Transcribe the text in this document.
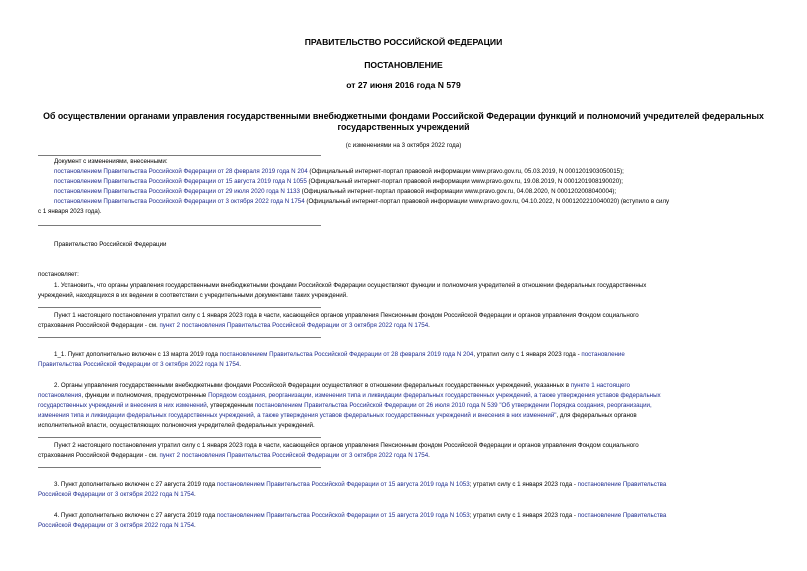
ПРАВИТЕЛЬСТВО РОССИЙСКОЙ ФЕДЕРАЦИИ
ПОСТАНОВЛЕНИЕ
от 27 июня 2016 года N 579
Об осуществлении органами управления государственными внебюджетными фондами Российской Федерации функций и полномочий учредителей федеральных
государственных учреждений
(с изменениями на 3 октября 2022 года)
Документ с изменениями, внесенными:
постановлением Правительства Российской Федерации от 28 февраля 2019 года N 204 (Официальный интернет-портал правовой информации www.pravo.gov.ru, 05.03.2019, N 0001201903050015);
постановлением Правительства Российской Федерации от 15 августа 2019 года N 1055 (Официальный интернет-портал правовой информации www.pravo.gov.ru, 19.08.2019, N 0001201908190020);
постановлением Правительства Российской Федерации от 29 июля 2020 года N 1133 (Официальный интернет-портал правовой информации www.pravo.gov.ru, 04.08.2020, N 0001202008040004);
постановлением Правительства Российской Федерации от 3 октября 2022 года N 1754 (Официальный интернет-портал правовой информации www.pravo.gov.ru, 04.10.2022, N 0001202210040020) (вступило в силу
с 1 января 2023 года).
Правительство Российской Федерации
постановляет:
1. Установить, что органы управления государственными внебюджетными фондами Российской Федерации осуществляют функции и полномочия учредителей в отношении федеральных государственных
учреждений, находящихся в их ведении в соответствии с учредительными документами таких учреждений.
Пункт 1 настоящего постановления утратил силу с 1 января 2023 года в части, касающейся органов управления Пенсионным фондом Российской Федерации и органов управления Фондом социального
страхования Российской Федерации - см. пункт 2 постановления Правительства Российской Федерации от 3 октября 2022 года N 1754.
1_1. Пункт дополнительно включен с 13 марта 2019 года постановлением Правительства Российской Федерации от 28 февраля 2019 года N 204, утратил силу с 1 января 2023 года - постановление
Правительства Российской Федерации от 3 октября 2022 года N 1754.
2. Органы управления государственными внебюджетными фондами Российской Федерации осуществляют в отношении федеральных государственных учреждений, указанных в пункте 1 настоящего
постановления, функции и полномочия, предусмотренные Порядком создания, реорганизации, изменения типа и ликвидации федеральных государственных учреждений, а также утверждения уставов федеральных
государственных учреждений и внесения в них изменений, утвержденным постановлением Правительства Российской Федерации от 26 июля 2010 года N 539 "Об утверждении Порядка создания, реорганизации,
изменения типа и ликвидации федеральных государственных учреждений, а также утверждения уставов федеральных государственных учреждений и внесения в них изменений", для федеральных органов
исполнительной власти, осуществляющих полномочия учредителей федеральных учреждений.
Пункт 2 настоящего постановления утратил силу с 1 января 2023 года в части, касающейся органов управления Пенсионным фондом Российской Федерации и органов управления Фондом социального
страхования Российской Федерации - см. пункт 2 постановления Правительства Российской Федерации от 3 октября 2022 года N 1754.
3. Пункт дополнительно включен с 27 августа 2019 года постановлением Правительства Российской Федерации от 15 августа 2019 года N 1053; утратил силу с 1 января 2023 года - постановление Правительства
Российской Федерации от 3 октября 2022 года N 1754.
4. Пункт дополнительно включен с 27 августа 2019 года постановлением Правительства Российской Федерации от 15 августа 2019 года N 1053; утратил силу с 1 января 2023 года - постановление Правительства
Российской Федерации от 3 октября 2022 года N 1754.
